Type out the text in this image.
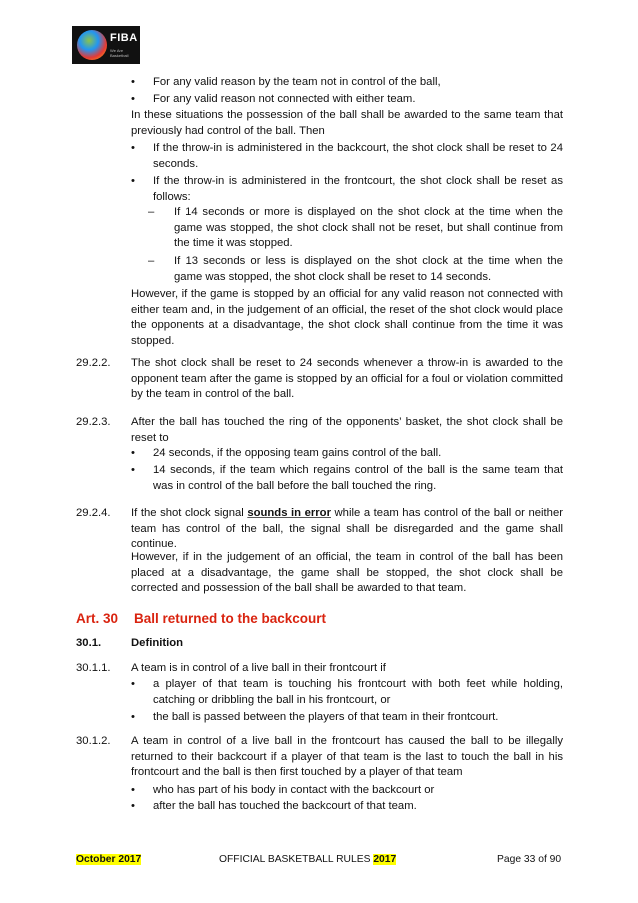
FIBA
We Are Basketball
• For any valid reason by the team not in control of the ball,
• For any valid reason not connected with either team.
In these situations the possession of the ball shall be awarded to the same team that previously had control of the ball. Then
• If the throw-in is administered in the backcourt, the shot clock shall be reset to 24 seconds.
• If the throw-in is administered in the frontcourt, the shot clock shall be reset as follows:
– If 14 seconds or more is displayed on the shot clock at the time when the game was stopped, the shot clock shall not be reset, but shall continue from the time it was stopped.
– If 13 seconds or less is displayed on the shot clock at the time when the game was stopped, the shot clock shall be reset to 14 seconds.
However, if the game is stopped by an official for any valid reason not connected with either team and, in the judgement of an official, the reset of the shot clock would place the opponents at a disadvantage, the shot clock shall continue from the time it was stopped.
29.2.2. The shot clock shall be reset to 24 seconds whenever a throw-in is awarded to the opponent team after the game is stopped by an official for a foul or violation committed by the team in control of the ball.
29.2.3. After the ball has touched the ring of the opponents’ basket, the shot clock shall be reset to
• 24 seconds, if the opposing team gains control of the ball.
• 14 seconds, if the team which regains control of the ball is the same team that was in control of the ball before the ball touched the ring.
29.2.4. If the shot clock signal sounds in error while a team has control of the ball or neither team has control of the ball, the signal shall be disregarded and the game shall continue.
However, if in the judgement of an official, the team in control of the ball has been placed at a disadvantage, the game shall be stopped, the shot clock shall be corrected and possession of the ball shall be awarded to that team.
Art. 30 Ball returned to the backcourt
30.1.	Definition
30.1.1. A team is in control of a live ball in their frontcourt if
• a player of that team is touching his frontcourt with both feet while holding, catching or dribbling the ball in his frontcourt, or
• the ball is passed between the players of that team in their frontcourt.
30.1.2. A team in control of a live ball in the frontcourt has caused the ball to be illegally returned to their backcourt if a player of that team is the last to touch the ball in his frontcourt and the ball is then first touched by a player of that team
• who has part of his body in contact with the backcourt or
• after the ball has touched the backcourt of that team.
October 2017	OFFICIAL BASKETBALL RULES 2017	Page 33 of 90
